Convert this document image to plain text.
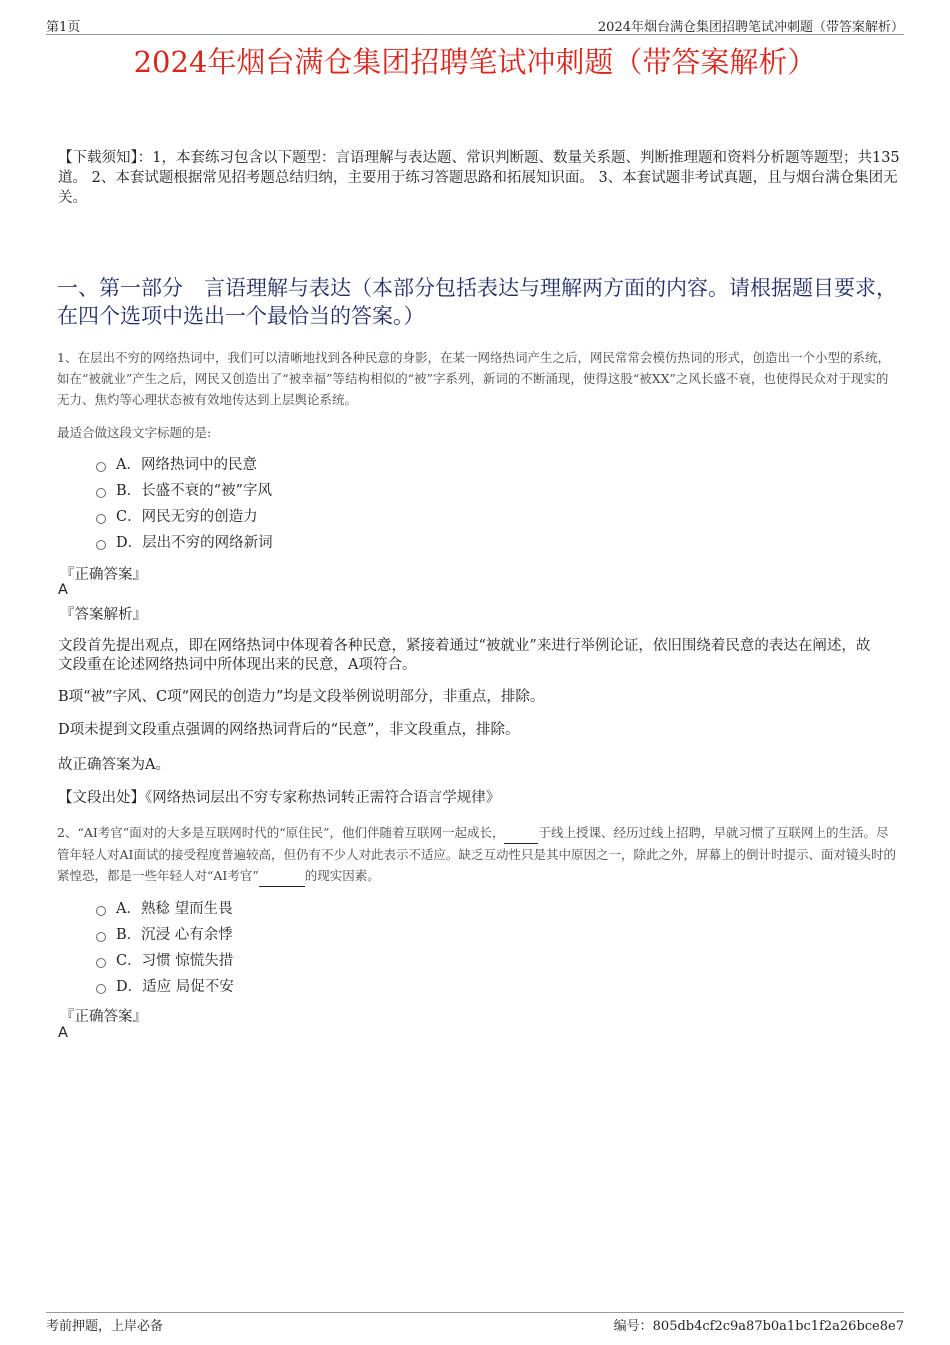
第1页	2024年烟台满仓集团招聘笔试冲刺题（带答案解析）
2024年烟台满仓集团招聘笔试冲刺题（带答案解析）
【下载须知】：1，本套练习包含以下题型：言语理解与表达题、常识判断题、数量关系题、判断推理题和资料分析题等题型；共135道。 2、本套试题根据常见招考题总结归纳，主要用于练习答题思路和拓展知识面。 3、本套试题非考试真题，且与烟台满仓集团无关。
一、第一部分　言语理解与表达（本部分包括表达与理解两方面的内容。请根据题目要求，在四个选项中选出一个最恰当的答案。）
1、在层出不穷的网络热词中，我们可以清晰地找到各种民意的身影，在某一网络热词产生之后，网民常常会模仿热词的形式，创造出一个小型的系统，如在“被就业”产生之后，网民又创造出了“被幸福”等结构相似的“被”字系列，新词的不断涌现，使得这股“被XX”之风长盛不衰，也使得民众对于现实的无力、焦灼等心理状态被有效地传达到上层舆论系统。
最适合做这段文字标题的是:
A．网络热词中的民意
B．长盛不衰的“被”字风
C．网民无穷的创造力
D．层出不穷的网络新词
『正确答案』
A
『答案解析』
文段首先提出观点，即在网络热词中体现着各种民意，紧接着通过“被就业”来进行举例论证，依旧围绕着民意的表达在阐述，故文段重在论述网络热词中所体现出来的民意，A项符合。
B项“被”字风、C项“网民的创造力”均是文段举例说明部分，非重点，排除。
D项未提到文段重点强调的网络热词背后的“民意”，非文段重点，排除。
故正确答案为A。
【文段出处】《网络热词层出不穷专家称热词转正需符合语言学规律》
2、“AI考官”面对的大多是互联网时代的“原住民”，他们伴随着互联网一起成长，	于线上授课、经历过线上招聘，早就习惯了互联网上的生活。尽管年轻人对AI面试的接受程度普遍较高，但仍有不少人对此表示不适应。缺乏互动性只是其中原因之一，除此之外，屏幕上的倒计时提示、面对镜头时的紧惶恐，都是一些年轻人对“AI考官”	的现实因素。
A．熟稔 望而生畏
B．沉浸 心有余悸
C．习惯 惊慌失措
D．适应 局促不安
『正确答案』
A
考前押题，上岸必备	编号：805db4cf2c9a87b0a1bc1f2a26bce8e7
